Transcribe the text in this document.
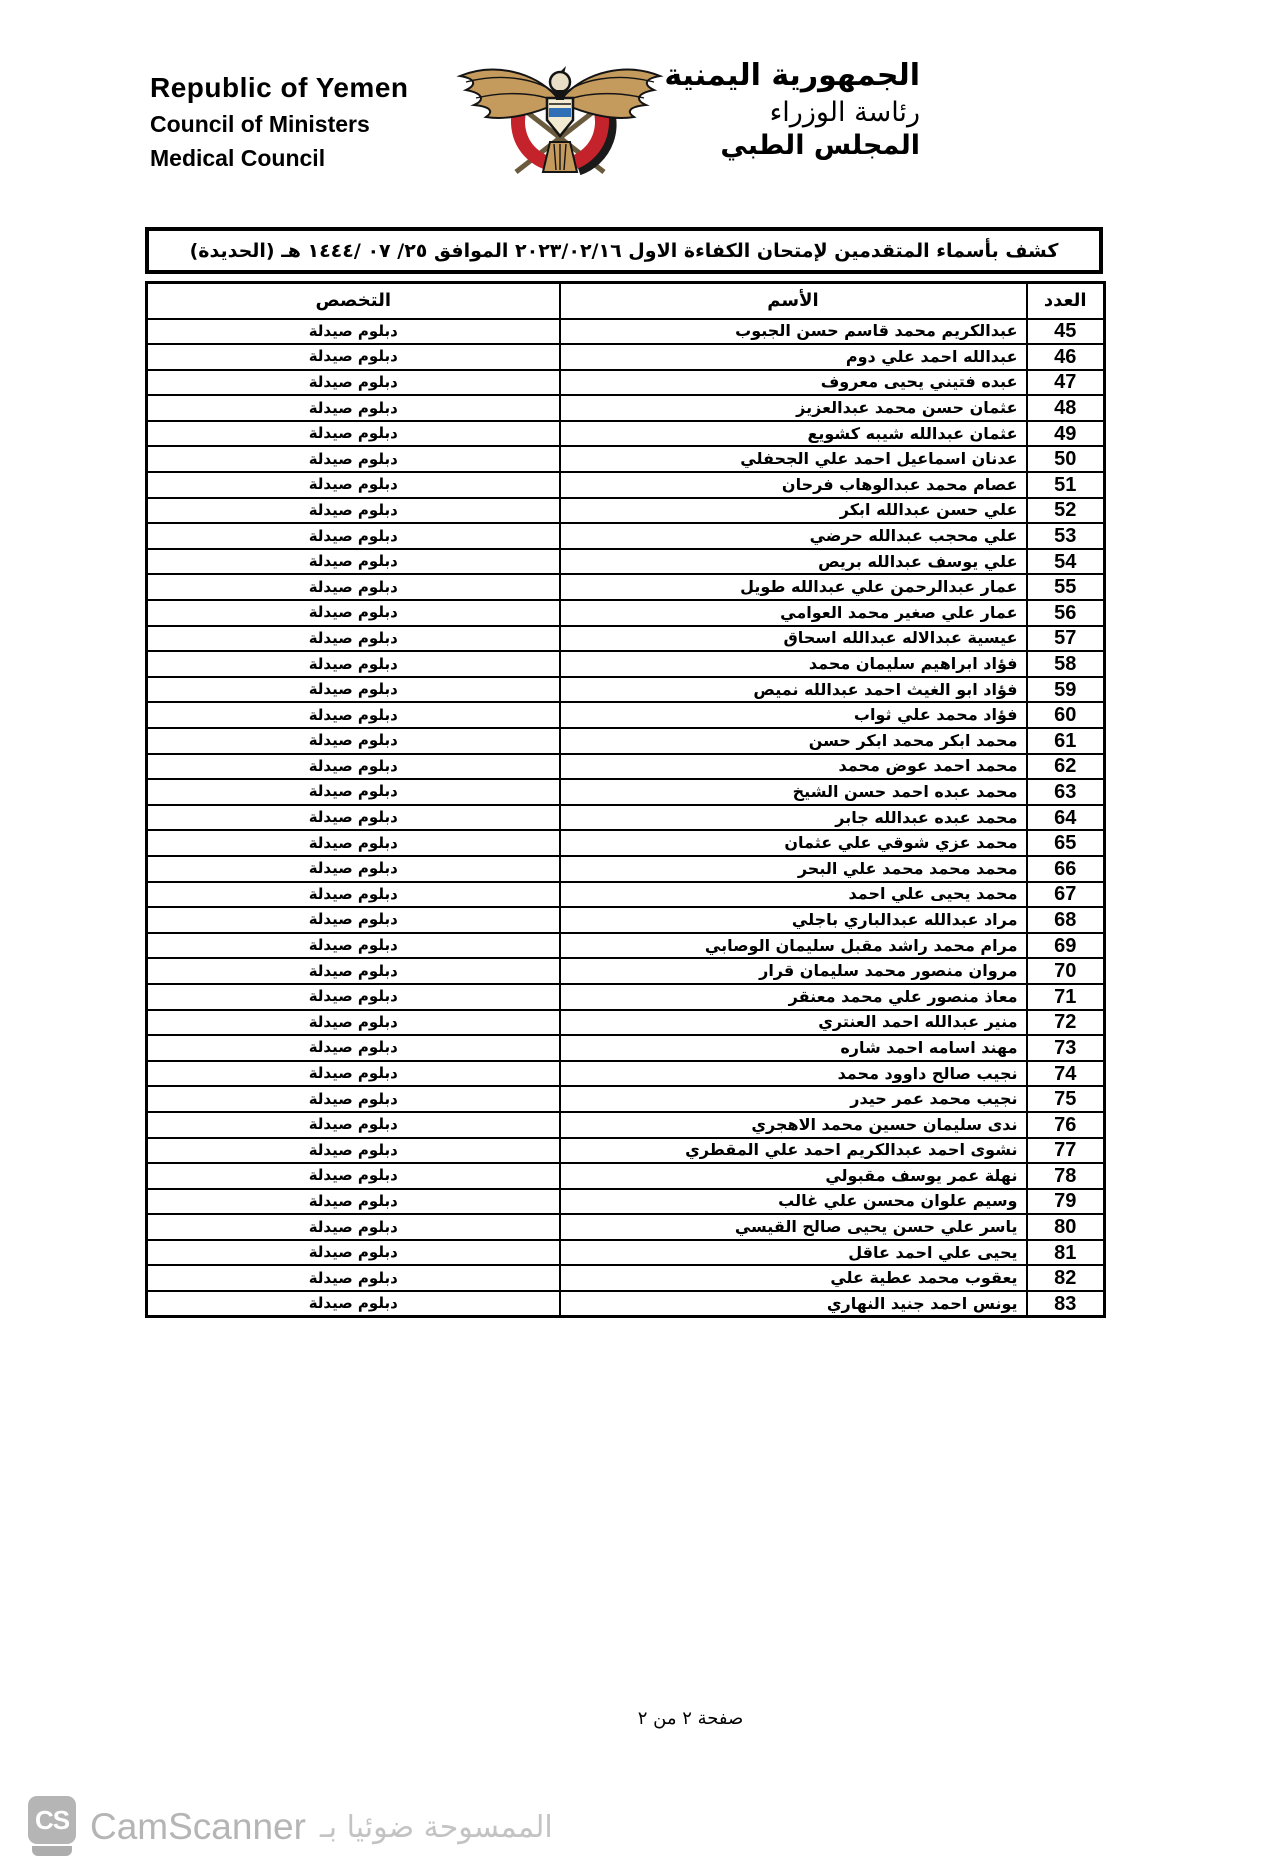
Republic of Yemen
Council of Ministers
Medical Council
الجمهورية اليمنية
رئاسة الوزراء
المجلس الطبي
كشف بأسماء المتقدمين لإمتحان الكفاءة الاول ٢٠٢٣/٠٢/١٦ الموافق ٢٥/ ٠٧ /١٤٤٤ هـ (الحديدة)
العدد	الأسم	التخصص
45	عبدالكريم محمد قاسم حسن الجبوب	دبلوم صيدلة
46	عبدالله احمد علي دوم	دبلوم صيدلة
47	عبده فتيني يحيى معروف	دبلوم صيدلة
48	عثمان حسن محمد عبدالعزيز	دبلوم صيدلة
49	عثمان عبدالله شيبه كشويع	دبلوم صيدلة
50	عدنان اسماعيل احمد علي الجحفلي	دبلوم صيدلة
51	عصام محمد عبدالوهاب فرحان	دبلوم صيدلة
52	علي حسن عبدالله ابكر	دبلوم صيدلة
53	علي محجب عبدالله حرضي	دبلوم صيدلة
54	علي يوسف عبدالله بريص	دبلوم صيدلة
55	عمار عبدالرحمن علي عبدالله طويل	دبلوم صيدلة
56	عمار علي صغير محمد العوامي	دبلوم صيدلة
57	عيسية عبدالاله عبدالله اسحاق	دبلوم صيدلة
58	فؤاد ابراهيم سليمان محمد	دبلوم صيدلة
59	فؤاد ابو الغيث احمد عبدالله نميص	دبلوم صيدلة
60	فؤاد محمد علي ثواب	دبلوم صيدلة
61	محمد ابكر محمد ابكر حسن	دبلوم صيدلة
62	محمد احمد عوض محمد	دبلوم صيدلة
63	محمد عبده احمد حسن الشيخ	دبلوم صيدلة
64	محمد عبده عبدالله جابر	دبلوم صيدلة
65	محمد عزي شوقي علي عثمان	دبلوم صيدلة
66	محمد محمد محمد علي البحر	دبلوم صيدلة
67	محمد يحيى علي احمد	دبلوم صيدلة
68	مراد عبدالله عبدالباري باجلي	دبلوم صيدلة
69	مرام محمد راشد مقبل سليمان الوصابي	دبلوم صيدلة
70	مروان منصور محمد سليمان قرار	دبلوم صيدلة
71	معاذ منصور علي محمد معنقر	دبلوم صيدلة
72	منير عبدالله احمد العنتري	دبلوم صيدلة
73	مهند اسامه احمد شاره	دبلوم صيدلة
74	نجيب صالح داوود محمد	دبلوم صيدلة
75	نجيب محمد عمر حيدر	دبلوم صيدلة
76	ندى سليمان حسين محمد الاهجري	دبلوم صيدلة
77	نشوى احمد عبدالكريم احمد علي المقطري	دبلوم صيدلة
78	نهلة عمر يوسف مقبولي	دبلوم صيدلة
79	وسيم علوان محسن علي غالب	دبلوم صيدلة
80	ياسر علي حسن يحيى صالح القيسي	دبلوم صيدلة
81	يحيى علي احمد عاقل	دبلوم صيدلة
82	يعقوب محمد عطية علي	دبلوم صيدلة
83	يونس احمد جنيد النهاري	دبلوم صيدلة
صفحة ٢ من ٢
CS CamScanner الممسوحة ضوئيا بـ
